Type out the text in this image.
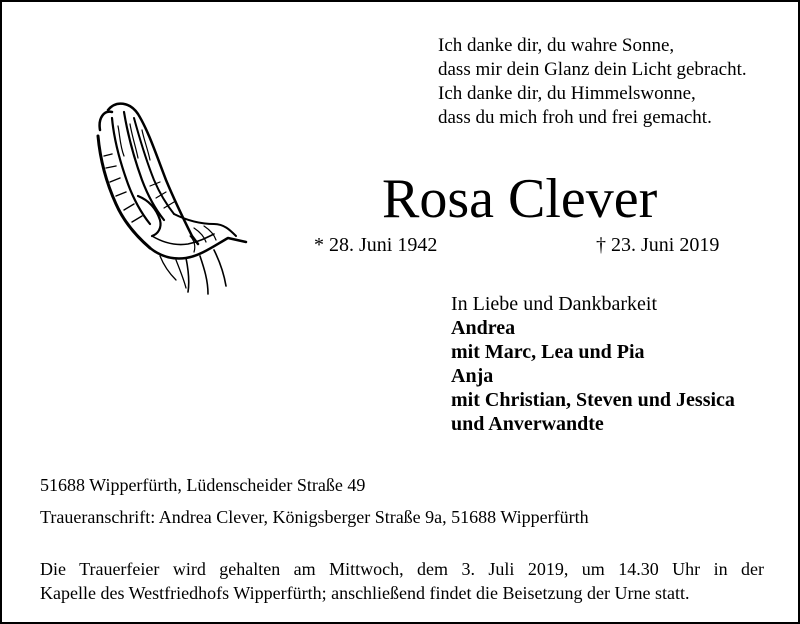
Ich danke dir, du wahre Sonne,
dass mir dein Glanz dein Licht gebracht.
Ich danke dir, du Himmelswonne,
dass du mich froh und frei gemacht.
Rosa Clever
* 28. Juni 1942	† 23. Juni 2019
In Liebe und Dankbarkeit
Andrea
mit Marc, Lea und Pia
Anja
mit Christian, Steven und Jessica
und Anverwandte
51688 Wipperfürth, Lüdenscheider Straße 49
Traueranschrift: Andrea Clever, Königsberger Straße 9a, 51688 Wipperfürth
Die Trauerfeier wird gehalten am Mittwoch, dem 3. Juli 2019, um 14.30 Uhr in der
Kapelle des Westfriedhofs Wipperfürth; anschließend findet die Beisetzung der Urne statt.
